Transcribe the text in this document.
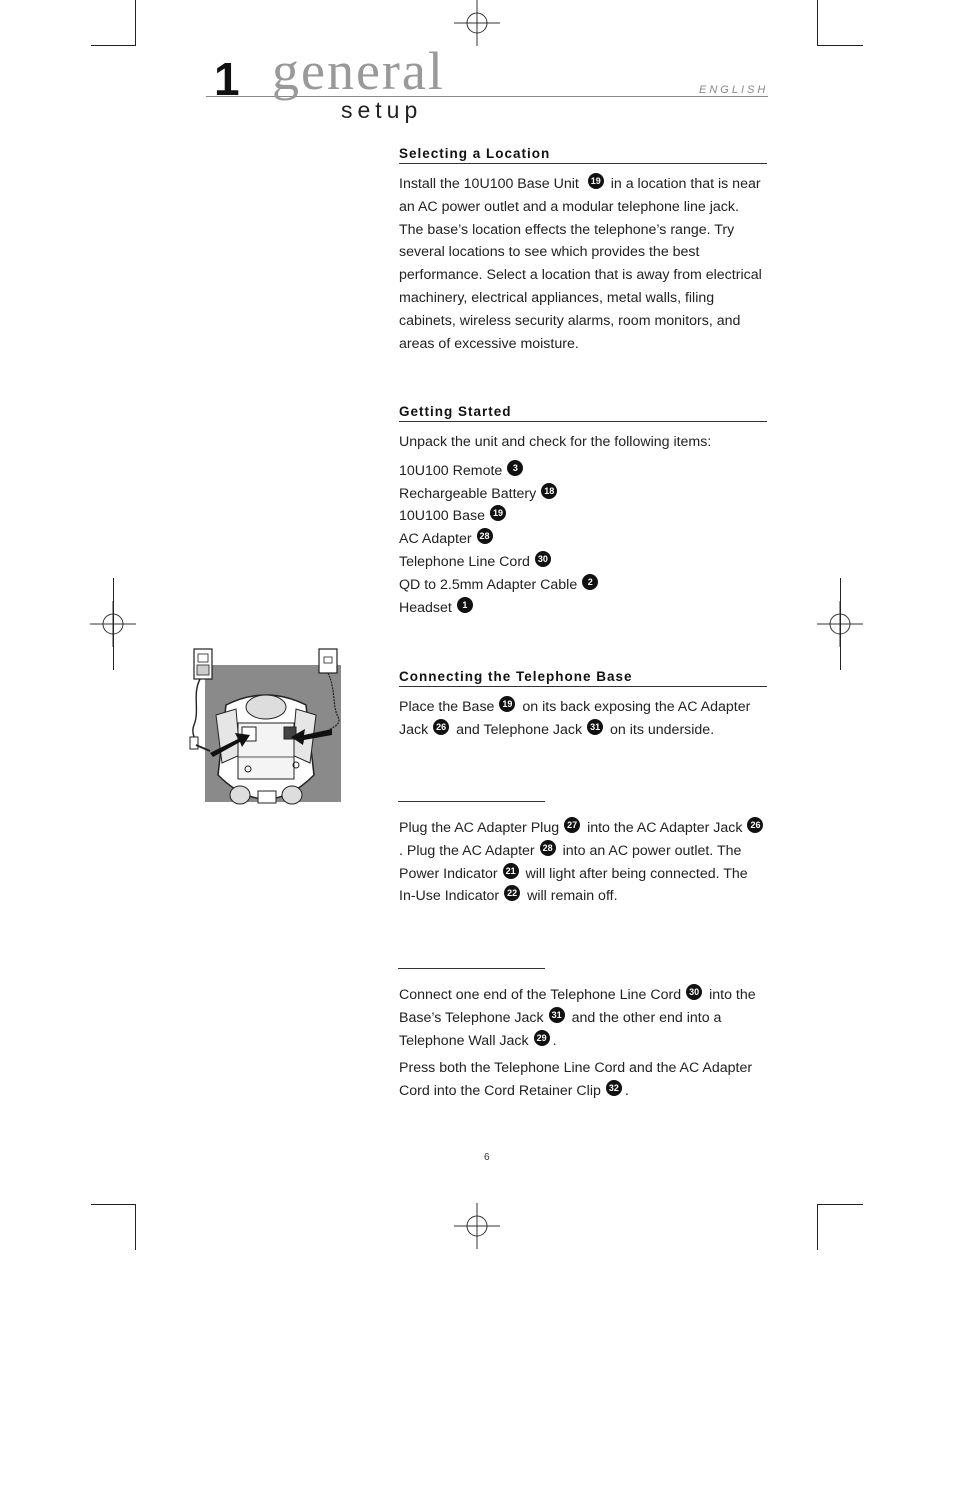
1 general
setup
ENGLISH
Selecting a Location

Install the 10U100 Base Unit 19 in a location that is near an AC power outlet and a modular telephone line jack. The base’s location effects the telephone’s range. Try several locations to see which provides the best performance. Select a location that is away from electrical machinery, electrical appliances, metal walls, filing cabinets, wireless security alarms, room monitors, and areas of excessive moisture.

Getting Started

Unpack the unit and check for the following items:

10U100 Remote 3
Rechargeable Battery 18
10U100 Base 19
AC Adapter 28
Telephone Line Cord 30
QD to 2.5mm Adapter Cable 2
Headset 1
Connecting the Telephone Base

Place the Base 19 on its back exposing the AC Adapter Jack 26 and Telephone Jack 31 on its underside.

Plug the AC Adapter Plug 27 into the AC Adapter Jack 26. Plug the AC Adapter 28 into an AC power outlet. The Power Indicator 21 will light after being connected. The In-Use Indicator 22 will remain off.

Connect one end of the Telephone Line Cord 30 into the Base’s Telephone Jack 31 and the other end into a Telephone Wall Jack 29 .

Press both the Telephone Line Cord and the AC Adapter Cord into the Cord Retainer Clip 32 .

6
